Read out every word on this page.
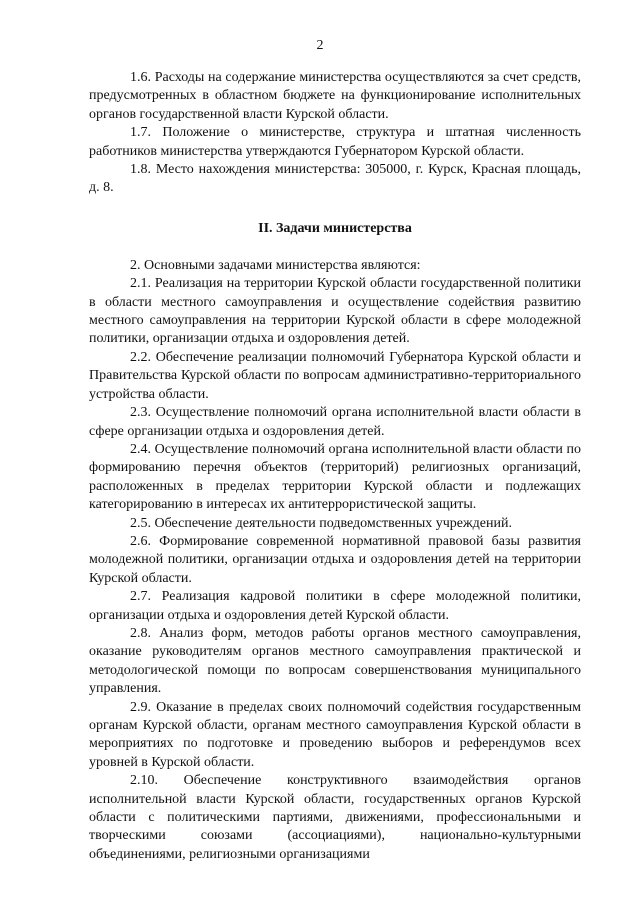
2

1.6. Расходы на содержание министерства осуществляются за счет средств, предусмотренных в областном бюджете на функционирование исполнительных органов государственной власти Курской области.

1.7. Положение о министерстве, структура и штатная численность работников министерства утверждаются Губернатором Курской области.

1.8. Место нахождения министерства: 305000, г. Курск, Красная площадь, д. 8.

II. Задачи министерства

2. Основными задачами министерства являются:

2.1. Реализация на территории Курской области государственной политики в области местного самоуправления и осуществление содействия развитию местного самоуправления на территории Курской области в сфере молодежной политики, организации отдыха и оздоровления детей.

2.2. Обеспечение реализации полномочий Губернатора Курской области и Правительства Курской области по вопросам административно-территориального устройства области.

2.3. Осуществление полномочий органа исполнительной власти области в сфере организации отдыха и оздоровления детей.

2.4. Осуществление полномочий органа исполнительной власти области по формированию перечня объектов (территорий) религиозных организаций, расположенных в пределах территории Курской области и подлежащих категорированию в интересах их антитеррористической защиты.

2.5. Обеспечение деятельности подведомственных учреждений.

2.6. Формирование современной нормативной правовой базы развития молодежной политики, организации отдыха и оздоровления детей на территории Курской области.

2.7. Реализация кадровой политики в сфере молодежной политики, организации отдыха и оздоровления детей Курской области.

2.8. Анализ форм, методов работы органов местного самоуправления, оказание руководителям органов местного самоуправления практической и методологической помощи по вопросам совершенствования муниципального управления.

2.9. Оказание в пределах своих полномочий содействия государственным органам Курской области, органам местного самоуправления Курской области в мероприятиях по подготовке и проведению выборов и референдумов всех уровней в Курской области.

2.10. Обеспечение конструктивного взаимодействия органов исполнительной власти Курской области, государственных органов Курской области с политическими партиями, движениями, профессиональными и творческими союзами (ассоциациями), национально-культурными объединениями, религиозными организациями
